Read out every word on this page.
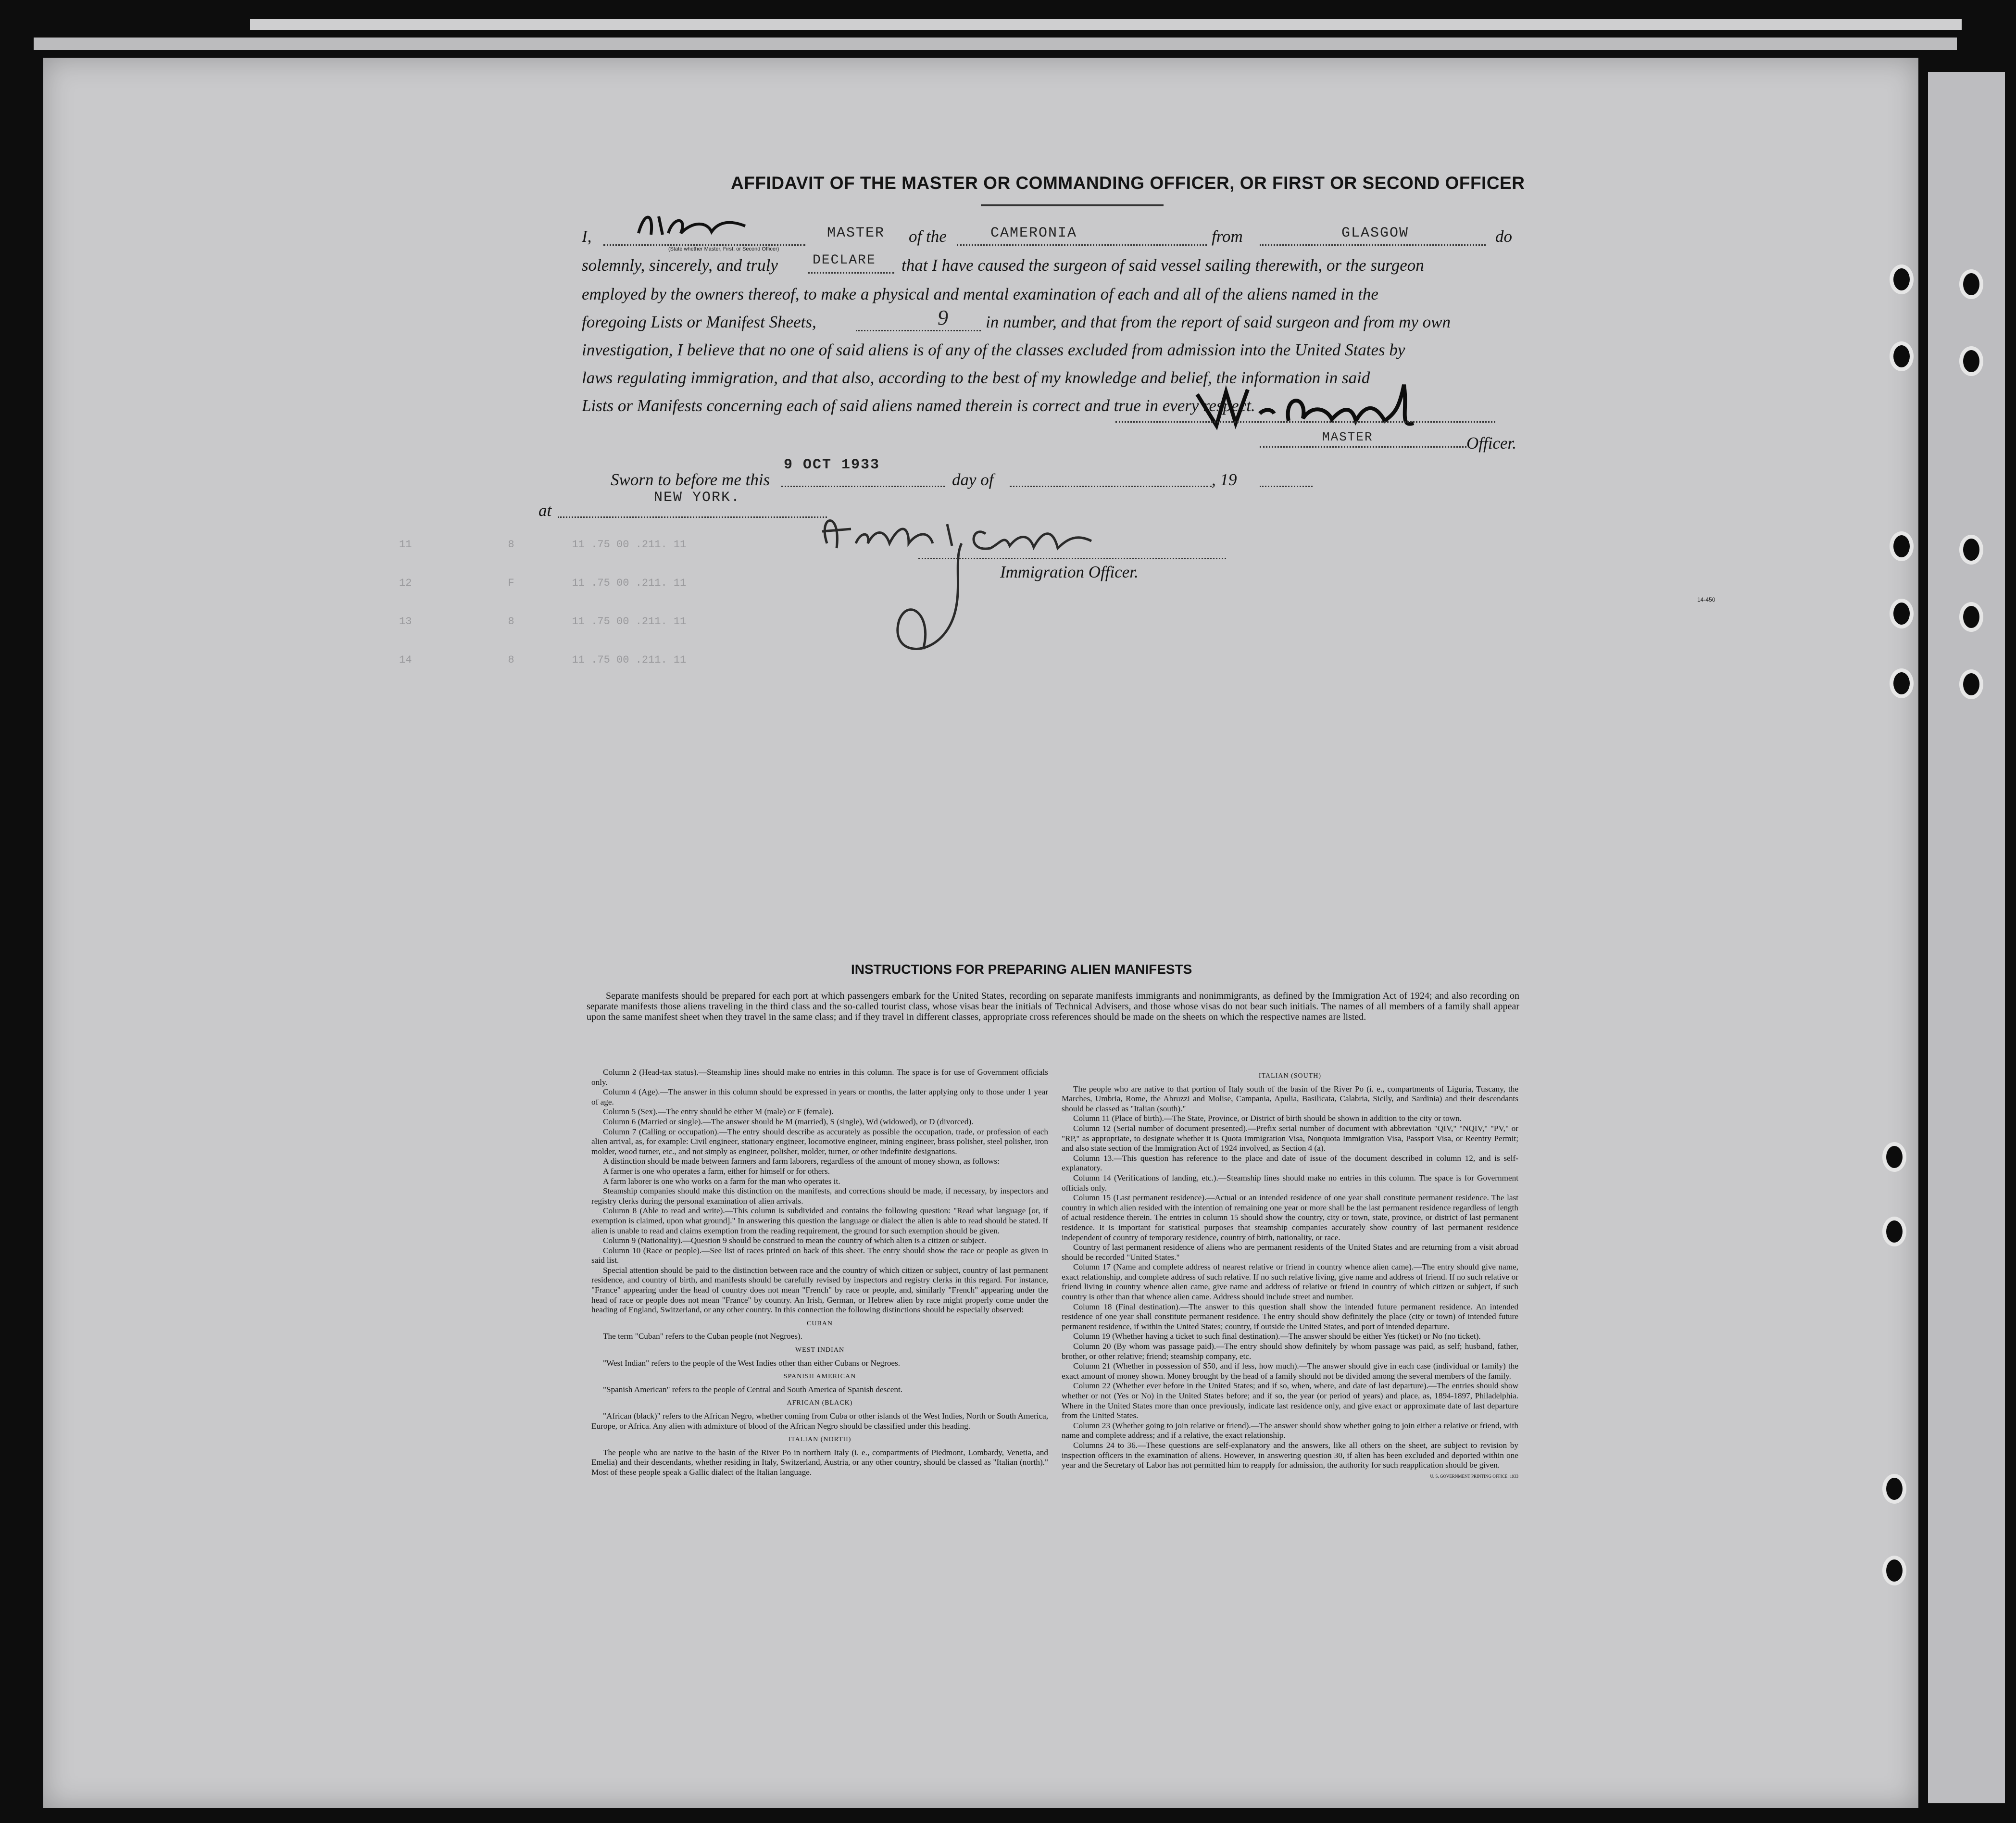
AFFIDAVIT OF THE MASTER OR COMMANDING OFFICER, OR FIRST OR SECOND OFFICER
I,	MASTER of the	CAMERONIA	from	GLASGOW	do
(State whether Master, First, or Second Officer)
solemnly, sincerely, and truly	DECLARE that I have caused the surgeon of said vessel sailing therewith, or the surgeon
employed by the owners thereof, to make a physical and mental examination of each and all of the aliens named in the
foregoing Lists or Manifest Sheets,	9 in number, and that from the report of said surgeon and from my own
investigation, I believe that no one of said aliens is of any of the classes excluded from admission into the United States by
laws regulating immigration, and that also, according to the best of my knowledge and belief, the information in said
Lists or Manifests concerning each of said aliens named therein is correct and true in every respect.
MASTER	Officer.
Sworn to before me this
9 OCT 1933
day of	, 19
at
NEW YORK.
Immigration Officer.
14-450
11	8	11 .75 00 .211. 11
12	F	11 .75 00 .211. 11
13	8	11 .75 00 .211. 11
14	8	11 .75 00 .211. 11
INSTRUCTIONS FOR PREPARING ALIEN MANIFESTS
Separate manifests should be prepared for each port at which passengers embark for the United States, recording on separate manifests immigrants and nonimmigrants, as defined by the Immigration Act of 1924; and also recording on separate manifests those aliens traveling in the third class and the so-called tourist class, whose visas bear the initials of Technical Advisers, and those whose visas do not bear such initials. The names of all members of a family shall appear upon the same manifest sheet when they travel in the same class; and if they travel in different classes, appropriate cross references should be made on the sheets on which the respective names are listed.

Column 2 (Head-tax status).—Steamship lines should make no entries in this column. The space is for use of Government officials only.

Column 4 (Age).—The answer in this column should be expressed in years or months, the latter applying only to those under 1 year of age.

Column 5 (Sex).—The entry should be either M (male) or F (female).

Column 6 (Married or single).—The answer should be M (married), S (single), Wd (widowed), or D (divorced).

Column 7 (Calling or occupation).—The entry should describe as accurately as possible the occupation, trade, or profession of each alien arrival, as, for example: Civil engineer, stationary engineer, locomotive engineer, mining engineer, brass polisher, steel polisher, iron molder, wood turner, etc., and not simply as engineer, polisher, molder, turner, or other indefinite designations.

A distinction should be made between farmers and farm laborers, regardless of the amount of money shown, as follows:

A farmer is one who operates a farm, either for himself or for others.

A farm laborer is one who works on a farm for the man who operates it.

Steamship companies should make this distinction on the manifests, and corrections should be made, if necessary, by inspectors and registry clerks during the personal examination of alien arrivals.

Column 8 (Able to read and write).—This column is subdivided and contains the following question: "Read what language [or, if exemption is claimed, upon what ground]." In answering this question the language or dialect the alien is able to read should be stated. If alien is unable to read and claims exemption from the reading requirement, the ground for such exemption should be given.

Column 9 (Nationality).—Question 9 should be construed to mean the country of which alien is a citizen or subject.

Column 10 (Race or people).—See list of races printed on back of this sheet. The entry should show the race or people as given in said list.

Special attention should be paid to the distinction between race and the country of which citizen or subject, country of last permanent residence, and country of birth, and manifests should be carefully revised by inspectors and registry clerks in this regard. For instance, "France" appearing under the head of country does not mean "French" by race or people, and, similarly "French" appearing under the head of race or people does not mean "France" by country. An Irish, German, or Hebrew alien by race might properly come under the heading of England, Switzerland, or any other country. In this connection the following distinctions should be especially observed:

CUBAN

The term "Cuban" refers to the Cuban people (not Negroes).

WEST INDIAN

"West Indian" refers to the people of the West Indies other than either Cubans or Negroes.

SPANISH AMERICAN

"Spanish American" refers to the people of Central and South America of Spanish descent.

AFRICAN (BLACK)

"African (black)" refers to the African Negro, whether coming from Cuba or other islands of the West Indies, North or South America, Europe, or Africa. Any alien with admixture of blood of the African Negro should be classified under this heading.

ITALIAN (NORTH)

The people who are native to the basin of the River Po in northern Italy (i. e., compartments of Piedmont, Lombardy, Venetia, and Emelia) and their descendants, whether residing in Italy, Switzerland, Austria, or any other country, should be classed as "Italian (north)." Most of these people speak a Gallic dialect of the Italian language.

ITALIAN (SOUTH)

The people who are native to that portion of Italy south of the basin of the River Po (i. e., compartments of Liguria, Tuscany, the Marches, Umbria, Rome, the Abruzzi and Molise, Campania, Apulia, Basilicata, Calabria, Sicily, and Sardinia) and their descendants should be classed as "Italian (south)."

Column 11 (Place of birth).—The State, Province, or District of birth should be shown in addition to the city or town.

Column 12 (Serial number of document presented).—Prefix serial number of document with abbreviation "QIV," "NQIV," "PV," or "RP," as appropriate, to designate whether it is Quota Immigration Visa, Nonquota Immigration Visa, Passport Visa, or Reentry Permit; and also state section of the Immigration Act of 1924 involved, as Section 4 (a).

Column 13.—This question has reference to the place and date of issue of the document described in column 12, and is self-explanatory.

Column 14 (Verifications of landing, etc.).—Steamship lines should make no entries in this column. The space is for Government officials only.

Column 15 (Last permanent residence).—Actual or an intended residence of one year shall constitute permanent residence. The last country in which alien resided with the intention of remaining one year or more shall be the last permanent residence regardless of length of actual residence therein. The entries in column 15 should show the country, city or town, state, province, or district of last permanent residence. It is important for statistical purposes that steamship companies accurately show country of last permanent residence independent of country of temporary residence, country of birth, nationality, or race.

Country of last permanent residence of aliens who are permanent residents of the United States and are returning from a visit abroad should be recorded "United States."

Column 17 (Name and complete address of nearest relative or friend in country whence alien came).—The entry should give name, exact relationship, and complete address of such relative. If no such relative living, give name and address of friend. If no such relative or friend living in country whence alien came, give name and address of relative or friend in country of which citizen or subject, if such country is other than that whence alien came. Address should include street and number.

Column 18 (Final destination).—The answer to this question shall show the intended future permanent residence. An intended residence of one year shall constitute permanent residence. The entry should show definitely the place (city or town) of intended future permanent residence, if within the United States; country, if outside the United States, and port of intended departure.

Column 19 (Whether having a ticket to such final destination).—The answer should be either Yes (ticket) or No (no ticket).

Column 20 (By whom was passage paid).—The entry should show definitely by whom passage was paid, as self; husband, father, brother, or other relative; friend; steamship company, etc.

Column 21 (Whether in possession of $50, and if less, how much).—The answer should give in each case (individual or family) the exact amount of money shown. Money brought by the head of a family should not be divided among the several members of the family.

Column 22 (Whether ever before in the United States; and if so, when, where, and date of last departure).—The entries should show whether or not (Yes or No) in the United States before; and if so, the year (or period of years) and place, as, 1894-1897, Philadelphia. Where in the United States more than once previously, indicate last residence only, and give exact or approximate date of last departure from the United States.

Column 23 (Whether going to join relative or friend).—The answer should show whether going to join either a relative or friend, with name and complete address; and if a relative, the exact relationship.

Columns 24 to 36.—These questions are self-explanatory and the answers, like all others on the sheet, are subject to revision by inspection officers in the examination of aliens. However, in answering question 30, if alien has been excluded and deported within one year and the Secretary of Labor has not permitted him to reapply for admission, the authority for such reapplication should be given.

U. S. GOVERNMENT PRINTING OFFICE: 1933
